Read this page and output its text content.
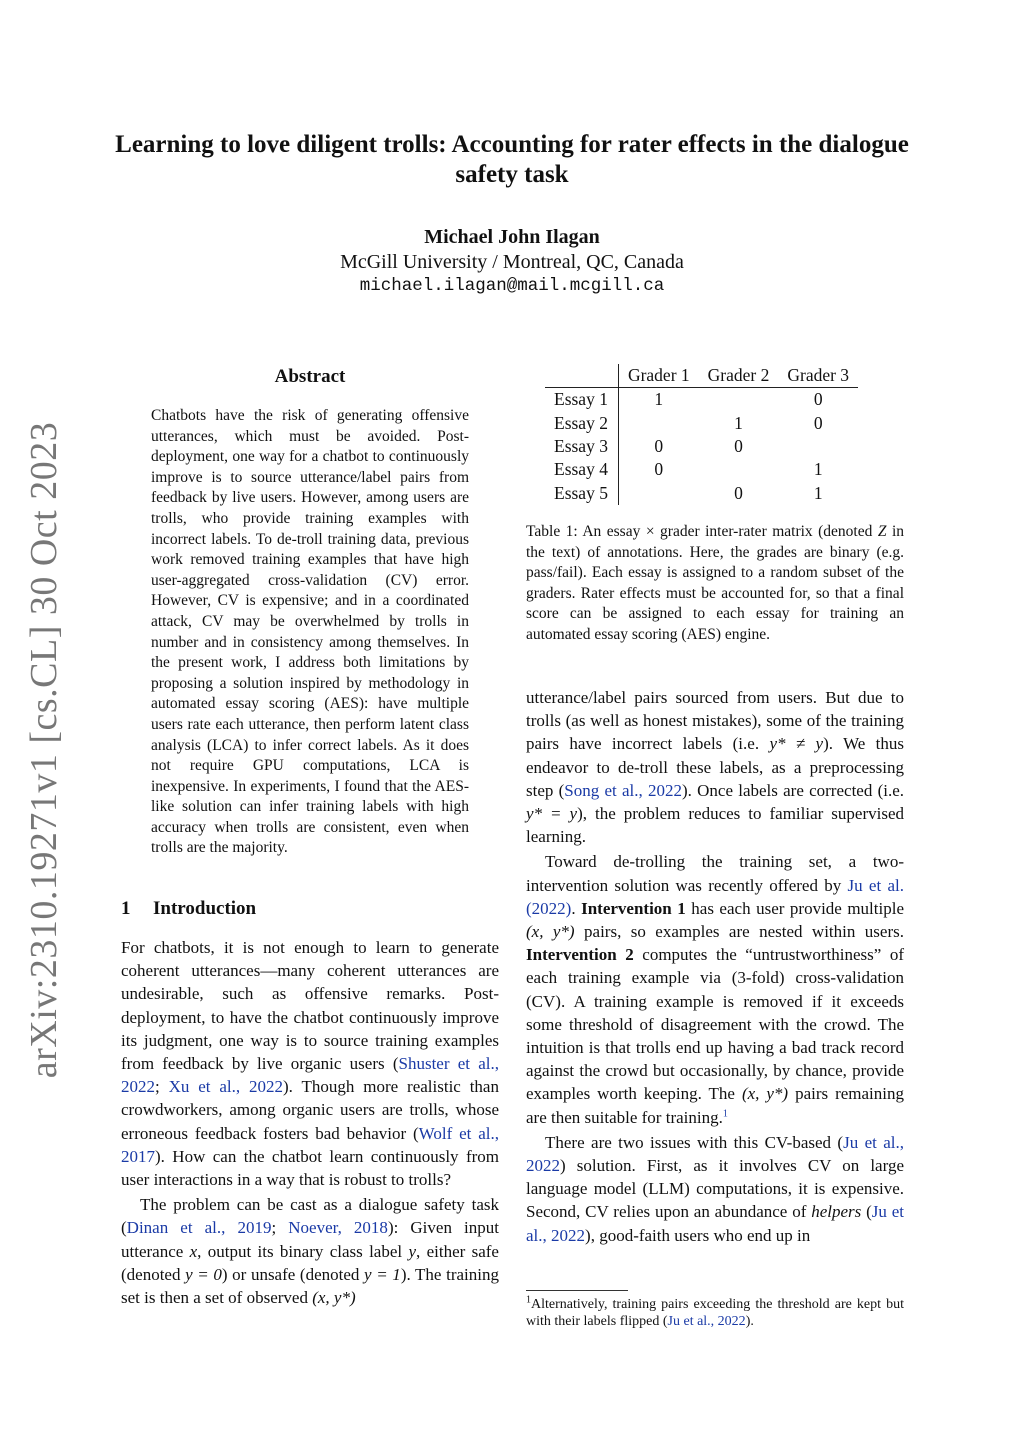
arXiv:2310.19271v1 [cs.CL] 30 Oct 2023
Learning to love diligent trolls: Accounting for rater effects in the dialogue safety task
Michael John Ilagan
McGill University / Montreal, QC, Canada
michael.ilagan@mail.mcgill.ca
Abstract
Chatbots have the risk of generating offensive utterances, which must be avoided. Post-deployment, one way for a chatbot to continuously improve is to source utterance/label pairs from feedback by live users. However, among users are trolls, who provide training examples with incorrect labels. To de-troll training data, previous work removed training examples that have high user-aggregated cross-validation (CV) error. However, CV is expensive; and in a coordinated attack, CV may be overwhelmed by trolls in number and in consistency among themselves. In the present work, I address both limitations by proposing a solution inspired by methodology in automated essay scoring (AES): have multiple users rate each utterance, then perform latent class analysis (LCA) to infer correct labels. As it does not require GPU computations, LCA is inexpensive. In experiments, I found that the AES-like solution can infer training labels with high accuracy when trolls are consistent, even when trolls are the majority.
1 Introduction

For chatbots, it is not enough to learn to generate coherent utterances—many coherent utterances are undesirable, such as offensive remarks. Post-deployment, to have the chatbot continuously improve its judgment, one way is to source training examples from feedback by live organic users (Shuster et al., 2022; Xu et al., 2022). Though more realistic than crowdworkers, among organic users are trolls, whose erroneous feedback fosters bad behavior (Wolf et al., 2017). How can the chatbot learn continuously from user interactions in a way that is robust to trolls?

The problem can be cast as a dialogue safety task (Dinan et al., 2019; Noever, 2018): Given input utterance x, output its binary class label y, either safe (denoted y = 0) or unsafe (denoted y = 1). The training set is then a set of observed (x, y*)

	Grader 1	Grader 2	Grader 3
Essay 1	1		0
Essay 2		1	0
Essay 3	0	0	
Essay 4	0		1
Essay 5		0	1
Table 1: An essay × grader inter-rater matrix (denoted Z in the text) of annotations. Here, the grades are binary (e.g. pass/fail). Each essay is assigned to a random subset of the graders. Rater effects must be accounted for, so that a final score can be assigned to each essay for training an automated essay scoring (AES) engine.

utterance/label pairs sourced from users. But due to trolls (as well as honest mistakes), some of the training pairs have incorrect labels (i.e. y* ≠ y). We thus endeavor to de-troll these labels, as a preprocessing step (Song et al., 2022). Once labels are corrected (i.e. y* = y), the problem reduces to familiar supervised learning.

Toward de-trolling the training set, a two-intervention solution was recently offered by Ju et al. (2022). Intervention 1 has each user provide multiple (x, y*) pairs, so examples are nested within users. Intervention 2 computes the “untrustworthiness” of each training example via (3-fold) cross-validation (CV). A training example is removed if it exceeds some threshold of disagreement with the crowd. The intuition is that trolls end up having a bad track record against the crowd but occasionally, by chance, provide examples worth keeping. The (x, y*) pairs remaining are then suitable for training.$^1$

There are two issues with this CV-based (Ju et al., 2022) solution. First, as it involves CV on large language model (LLM) computations, it is expensive. Second, CV relies upon an abundance of helpers (Ju et al., 2022), good-faith users who end up in

$^1$Alternatively, training pairs exceeding the threshold are kept but with their labels flipped (Ju et al., 2022).
